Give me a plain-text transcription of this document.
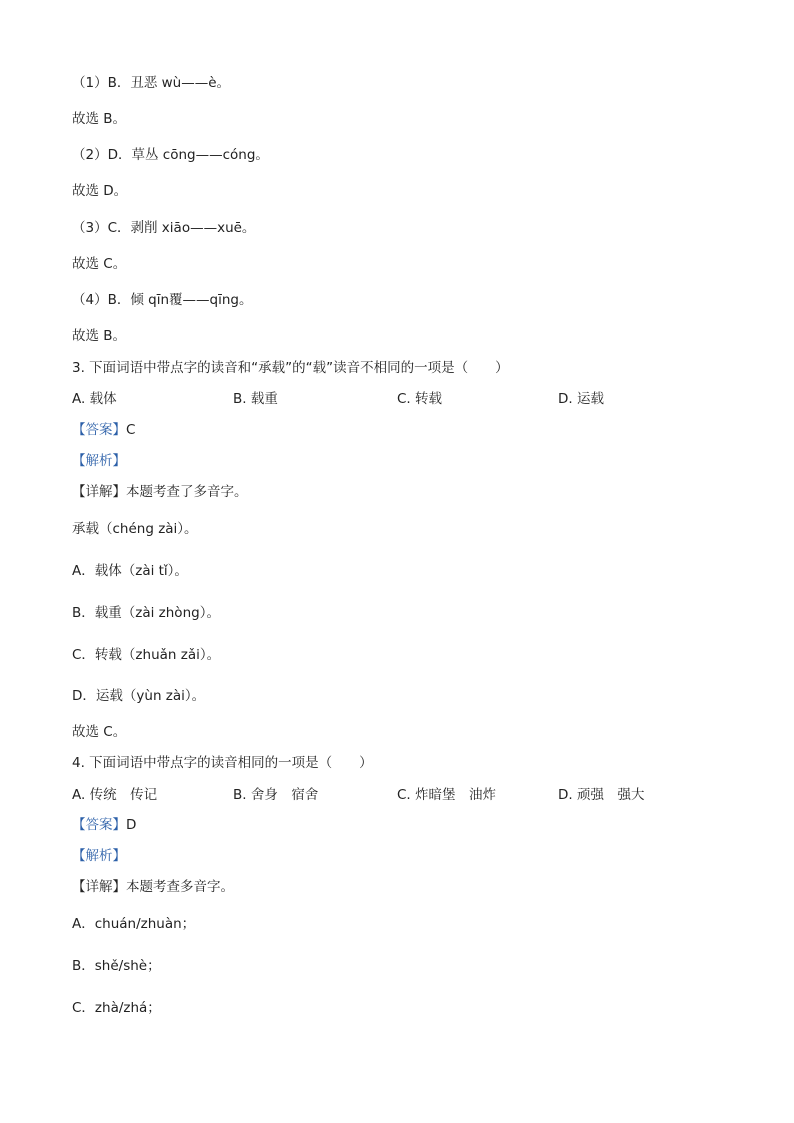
（1）B．丑恶 wù——è。
故选 B。
（2）D．草丛 cōng——cóng。
故选 D。
（3）C．剥削 xiāo——xuē。
故选 C。
（4）B．倾 qīn覆——qīng。
故选 B。
3. 下面词语中带点字的读音和“承载”的“载”读音不相同的一项是（　　）
A. 载体	B. 载重	C. 转载	D. 运载
【答案】C
【解析】
【详解】本题考查了多音字。
承载（chéng zài）。
A．载体（zài tǐ）。
B．载重（zài zhòng）。
C．转载（zhuǎn zǎi）。
D．运载（yùn zài）。
故选 C。
4. 下面词语中带点字的读音相同的一项是（　　）
A. 传统　传记	B. 舍身　宿舍	C. 炸暗堡　油炸	D. 顽强　强大
【答案】D
【解析】
【详解】本题考查多音字。
A．chuán/zhuàn；
B．shě/shè；
C．zhà/zhá；
